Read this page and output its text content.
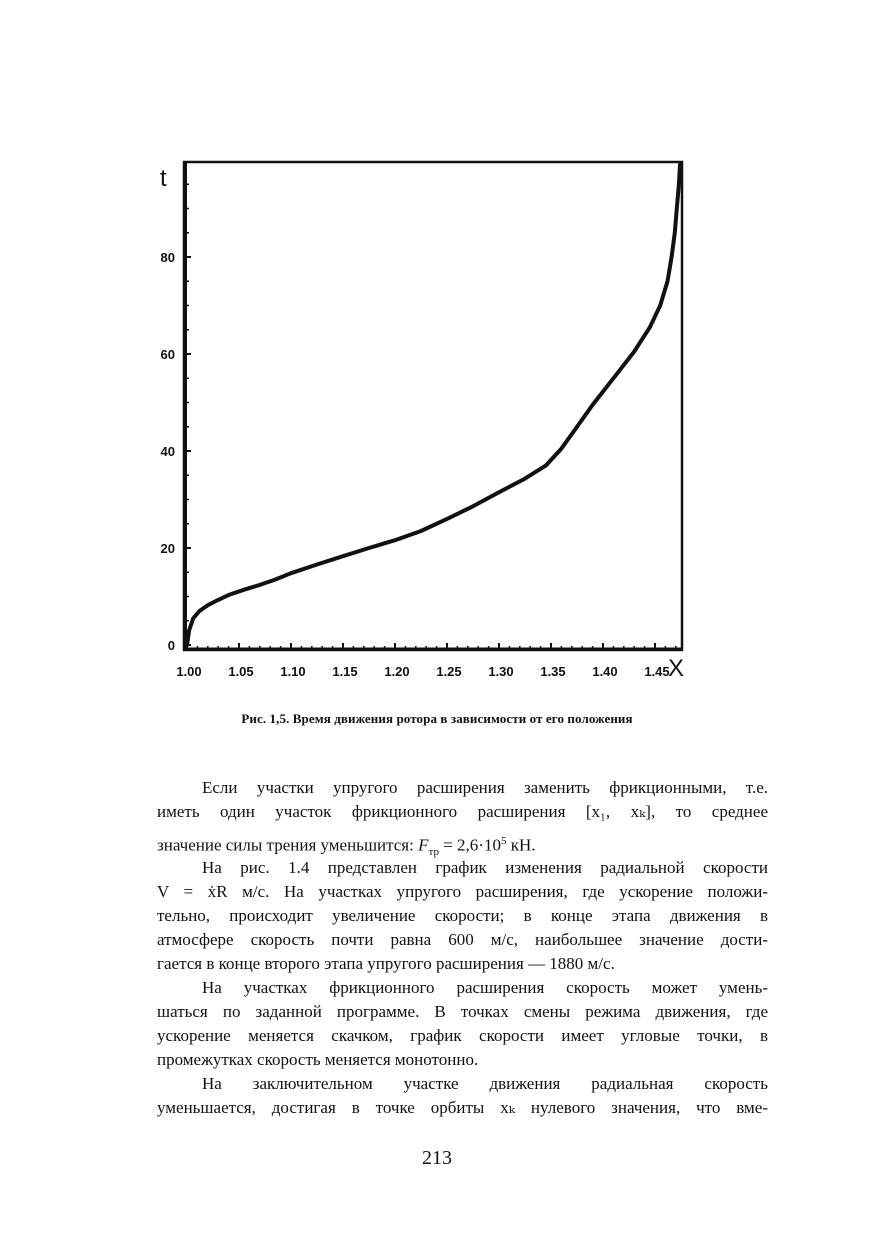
1.00 1.05 1.10 1.15 1.20 1.25 1.30 1.35 1.40 1.45
0
20
40
60
80
t
X
Рис. 1,5. Время движения ротора в зависимости от его положения
Если участки упругого расширения заменить фрикционными, т.е.
иметь один участок фрикционного расширения [x₁, xₖ], то среднее
значение силы трения уменьшится: $F_{тр} = 2,6\cdot 10^5$ кН.
На рис. 1.4 представлен график изменения радиальной скорости
V = ẋR м/с. На участках упругого расширения, где ускорение положи-
тельно, происходит увеличение скорости; в конце этапа движения в
атмосфере скорость почти равна 600 м/с, наибольшее значение дости-
гается в конце второго этапа упругого расширения — 1880 м/с.
На участках фрикционного расширения скорость может умень-
шаться по заданной программе. В точках смены режима движения, где
ускорение меняется скачком, график скорости имеет угловые точки, в
промежутках скорость меняется монотонно.
На заключительном участке движения радиальная скорость
уменьшается, достигая в точке орбиты xₖ нулевого значения, что вме-
213
